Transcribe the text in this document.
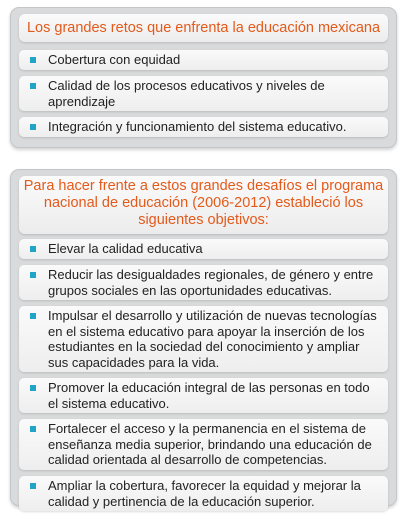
Los grandes retos que enfrenta la educación mexicana
Cobertura con equidad
Calidad de los procesos educativos y niveles de aprendizaje
Integración y funcionamiento del sistema educativo.
Para hacer frente a estos grandes desafíos el programa nacional de educación (2006-2012) estableció los siguientes objetivos:
Elevar la calidad educativa
Reducir las desigualdades regionales, de género y entre grupos sociales en las oportunidades educativas.
Impulsar el desarrollo y utilización de nuevas tecnologías en el sistema educativo para apoyar la inserción de los estudiantes en la sociedad del conocimiento y ampliar sus capacidades para la vida.
Promover la educación integral de las personas en todo el sistema educativo.
Fortalecer el acceso y la permanencia en el sistema de enseñanza media superior, brindando una educación de calidad orientada al desarrollo de competencias.
Ampliar la cobertura, favorecer la equidad y mejorar la calidad y pertinencia de la educación superior.
